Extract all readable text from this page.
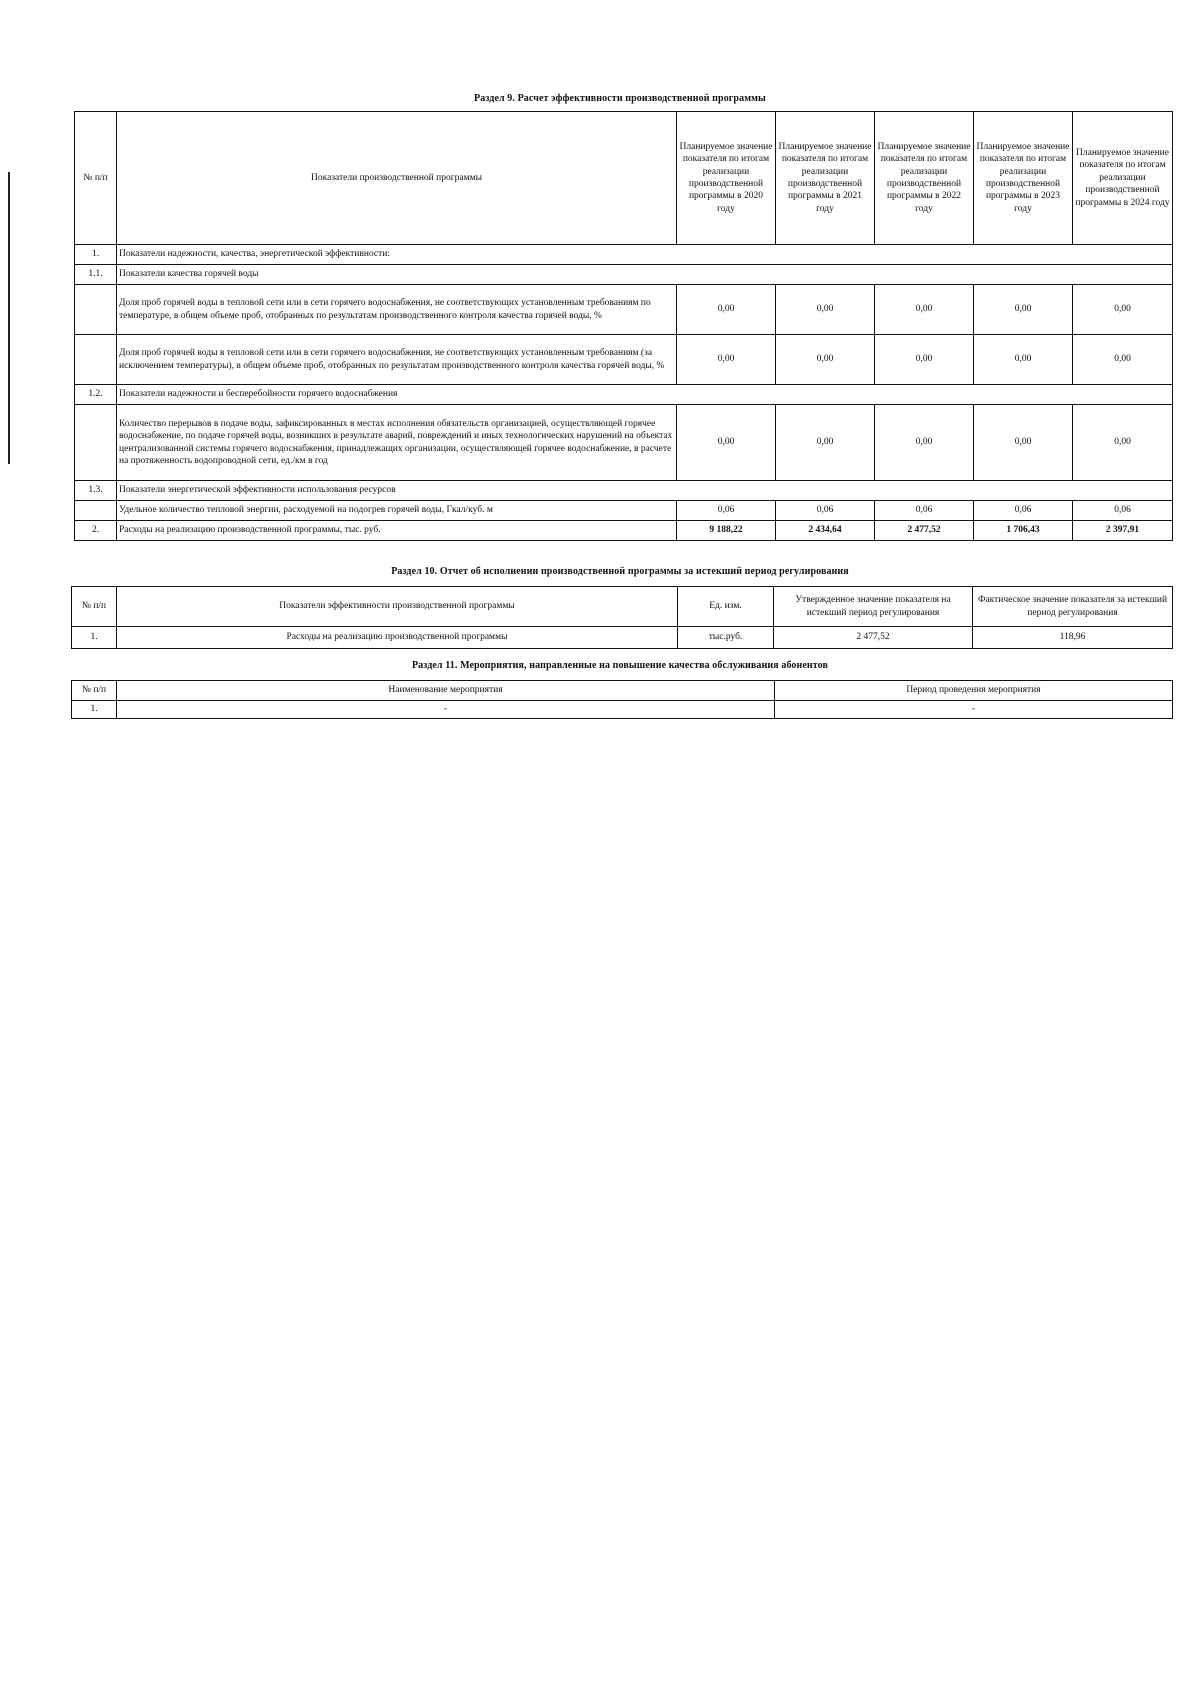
Раздел 9. Расчет эффективности производственной программы
№ п/п	Показатели производственной программы	Планируемое значение показателя по итогам реализации производственной программы в 2020 году	Планируемое значение показателя по итогам реализации производственной программы в 2021 году	Планируемое значение показателя по итогам реализации производственной программы в 2022 году	Планируемое значение показателя по итогам реализации производственной программы в 2023 году	Планируемое значение показателя по итогам реализации производственной программы в 2024 году
1.	Показатели надежности, качества, энергетической эффективности:					
1.1.	Показатели качества горячей воды					
	Доля проб горячей воды в тепловой сети или в сети горячего водоснабжения, не соответствующих установленным требованиям по температуре, в общем объеме проб, отобранных по результатам производственного контроля качества горячей воды, %	0,00	0,00	0,00	0,00	0,00
	Доля проб горячей воды в тепловой сети или в сети горячего водоснабжения, не соответствующих установленным требованиям (за исключением температуры), в общем объеме проб, отобранных по результатам производственного контроля качества горячей воды, %	0,00	0,00	0,00	0,00	0,00
1.2.	Показатели надежности и бесперебойности горячего водоснабжения					
	Количество перерывов в подаче воды, зафиксированных в местах исполнения обязательств организацией, осуществляющей горячее водоснабжение, по подаче горячей воды, возникших в результате аварий, повреждений и иных технологических нарушений на объектах централизованной системы горячего водоснабжения, принадлежащих организации, осуществляющей горячее водоснабжение, в расчете на протяженность водопроводной сети, ед./км в год	0,00	0,00	0,00	0,00	0,00
1.3.	Показатели энергетической эффективности использования ресурсов					
	Удельное количество тепловой энергии, расходуемой на подогрев горячей воды, Гкал/куб. м	0,06	0,06	0,06	0,06	0,06
2.	Расходы на реализацию производственной программы, тыс. руб.	9 188,22	2 434,64	2 477,52	1 706,43	2 397,91
Раздел 10. Отчет об исполнении производственной программы за истекший период регулирования
№ п/п	Показатели эффективности производственной программы	Ед. изм.	Утвержденное значение показателя на истекший период регулирования	Фактическое значение показателя за истекший период регулирования
1.	Расходы на реализацию производственной программы	тыс.руб.	2 477,52	118,96
Раздел 11. Мероприятия, направленные на повышение качества обслуживания абонентов
№ п/п	Наименование мероприятия	Период проведения мероприятия
1.	-	-
